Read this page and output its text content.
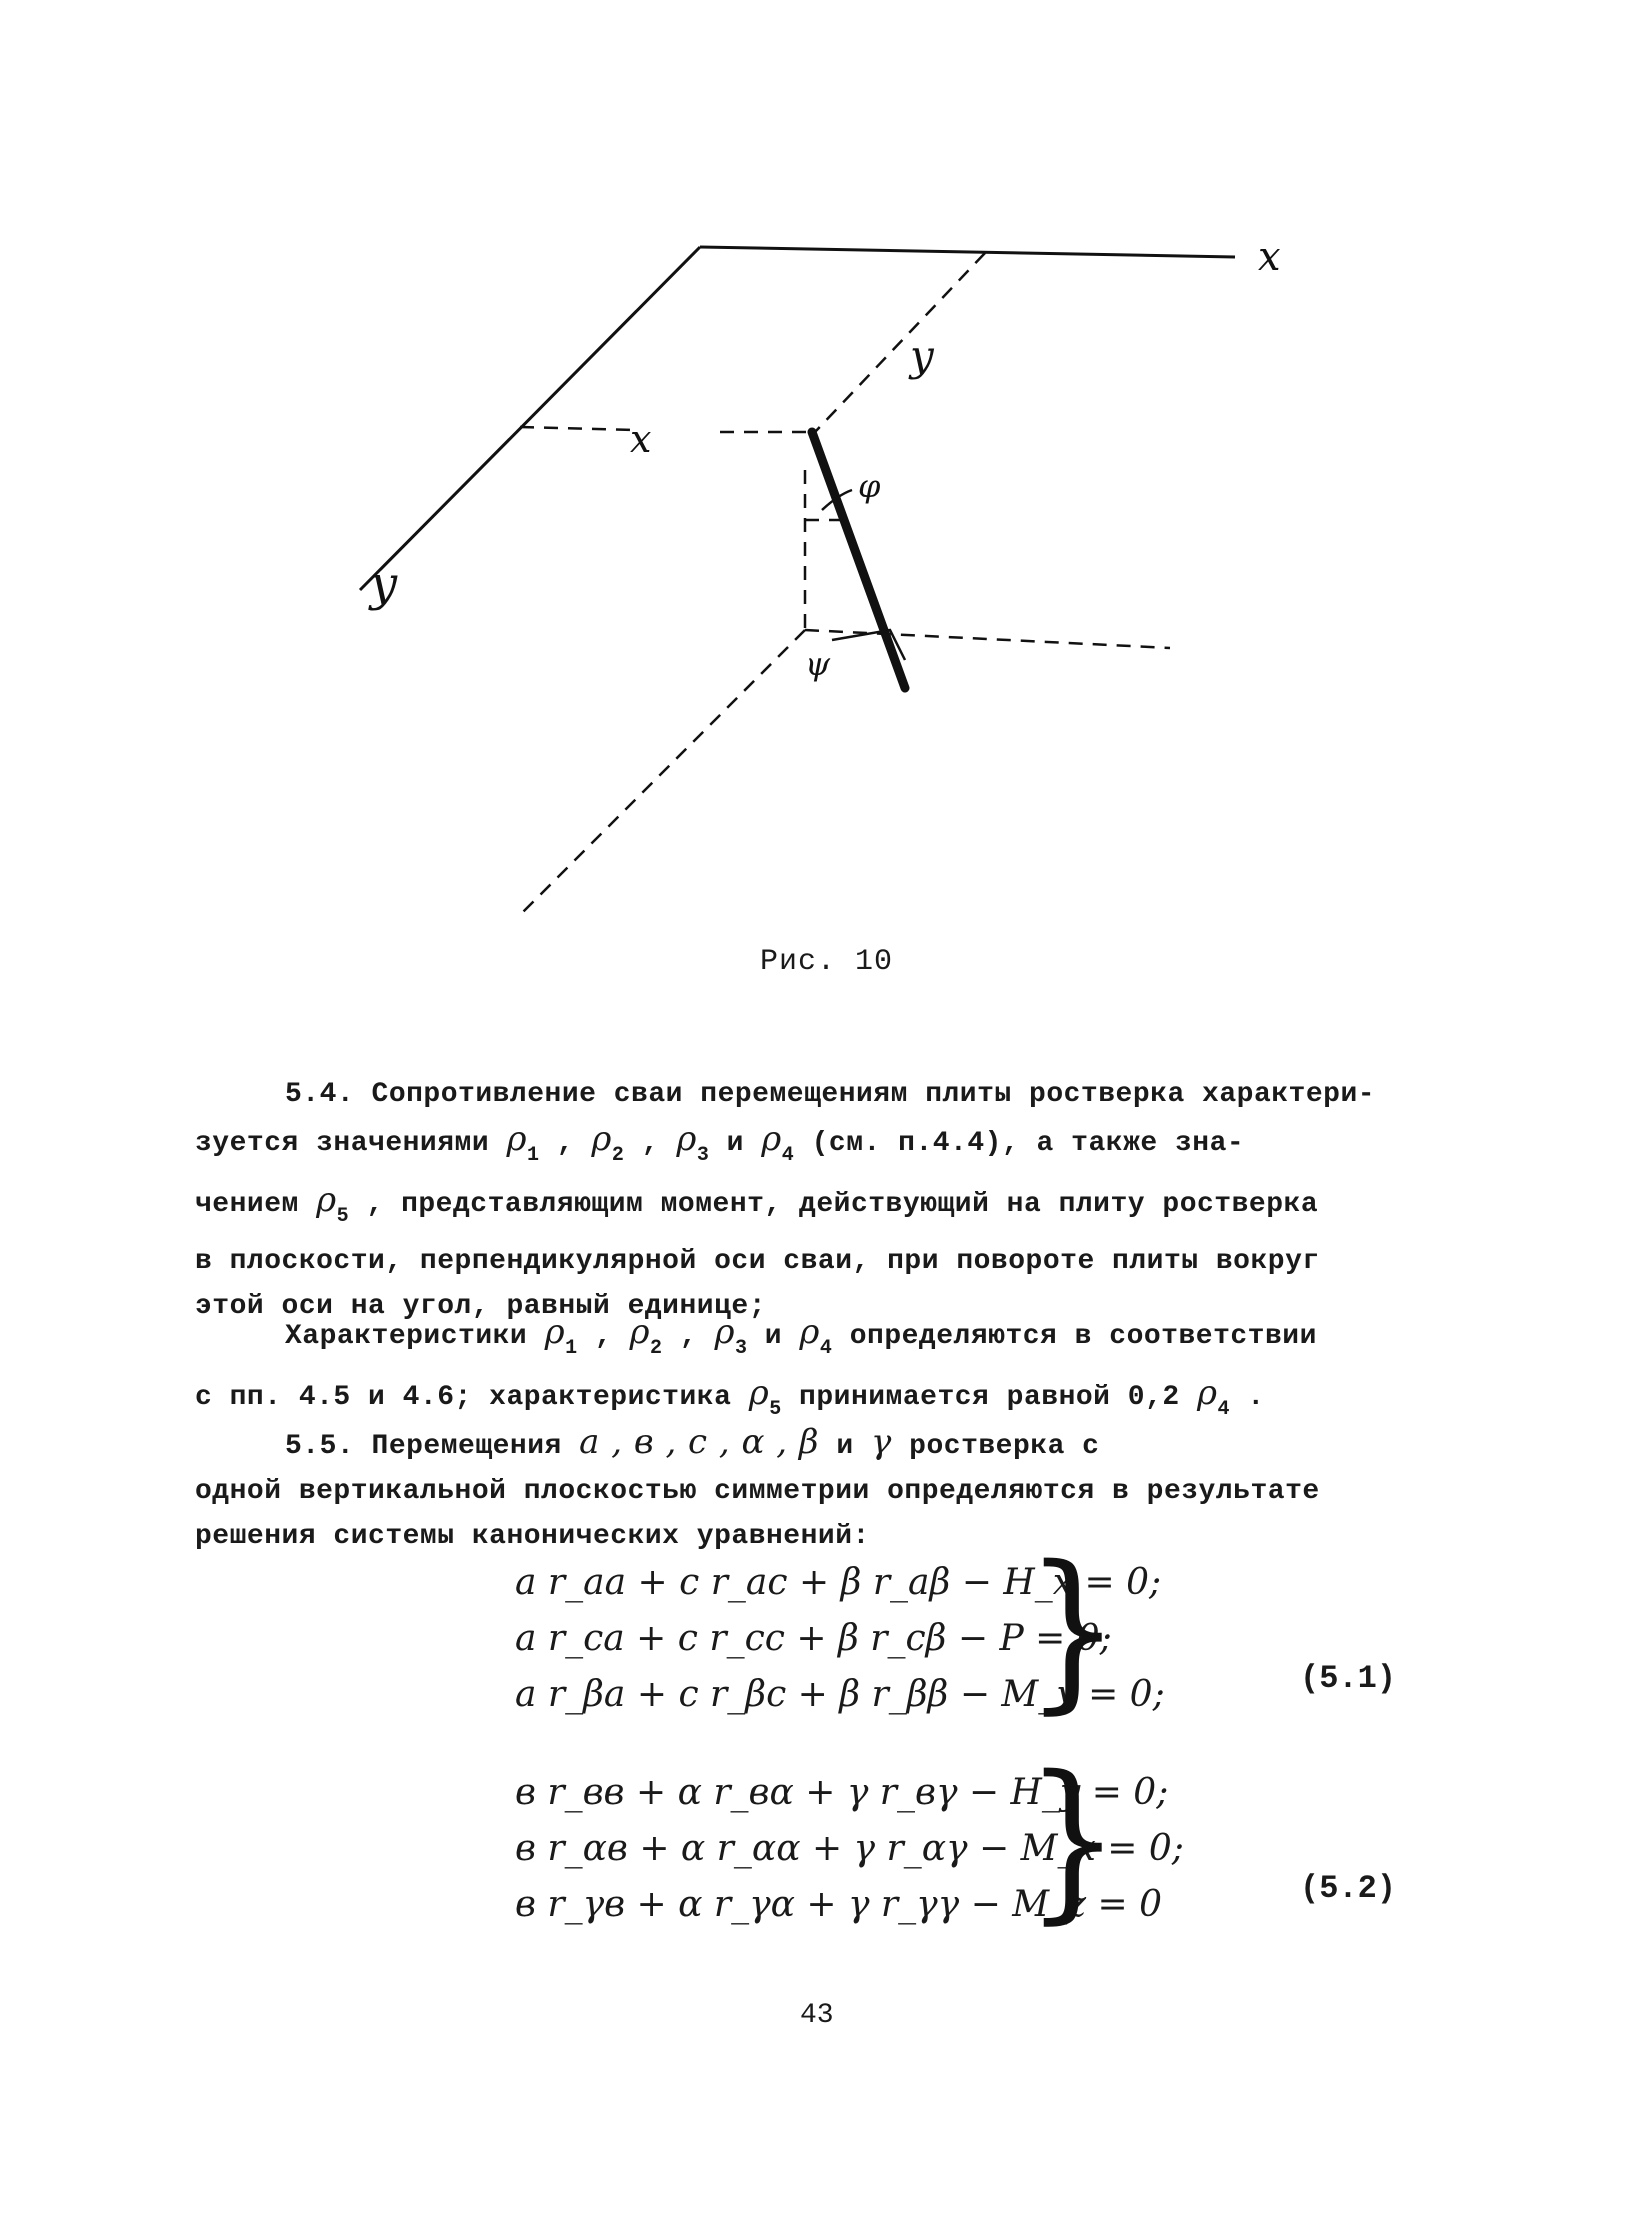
x
y
x
y
φ
ψ
Рис. 10
5.4. Сопротивление сваи перемещениям плиты ростверка характери-
зуется значениями $\rho_1$ , $\rho_2$ , $\rho_3$ и $\rho_4$ (см. п.4.4), а также зна-
чением $\rho_5$ , представляющим момент, действующий на плиту ростверка
в плоскости, перпендикулярной оси сваи, при повороте плиты вокруг
этой оси на угол, равный единице;
Характеристики $\rho_1$ , $\rho_2$ , $\rho_3$ и $\rho_4$ определяются в соответствии
с пп. 4.5 и 4.6; характеристика $\rho_5$ принимается равной 0,2 $\rho_4$ .
5.5. Перемещения a , в , c , α , β и γ ростверка с
одной вертикальной плоскостью симметрии определяются в результате
решения системы канонических уравнений:
a r_aa + c r_ac + β r_aβ − H_x = 0;
a r_ca + c r_cc + β r_cβ − P = 0;
a r_βa + c r_βc + β r_ββ − M_y = 0;
}	(5.1)
в r_вв + α r_вα + γ r_вγ − H_y = 0;
в r_αв + α r_αα + γ r_αγ − M_x = 0;
в r_γв + α r_γα + γ r_γγ − M_z = 0
}	(5.2)
43
